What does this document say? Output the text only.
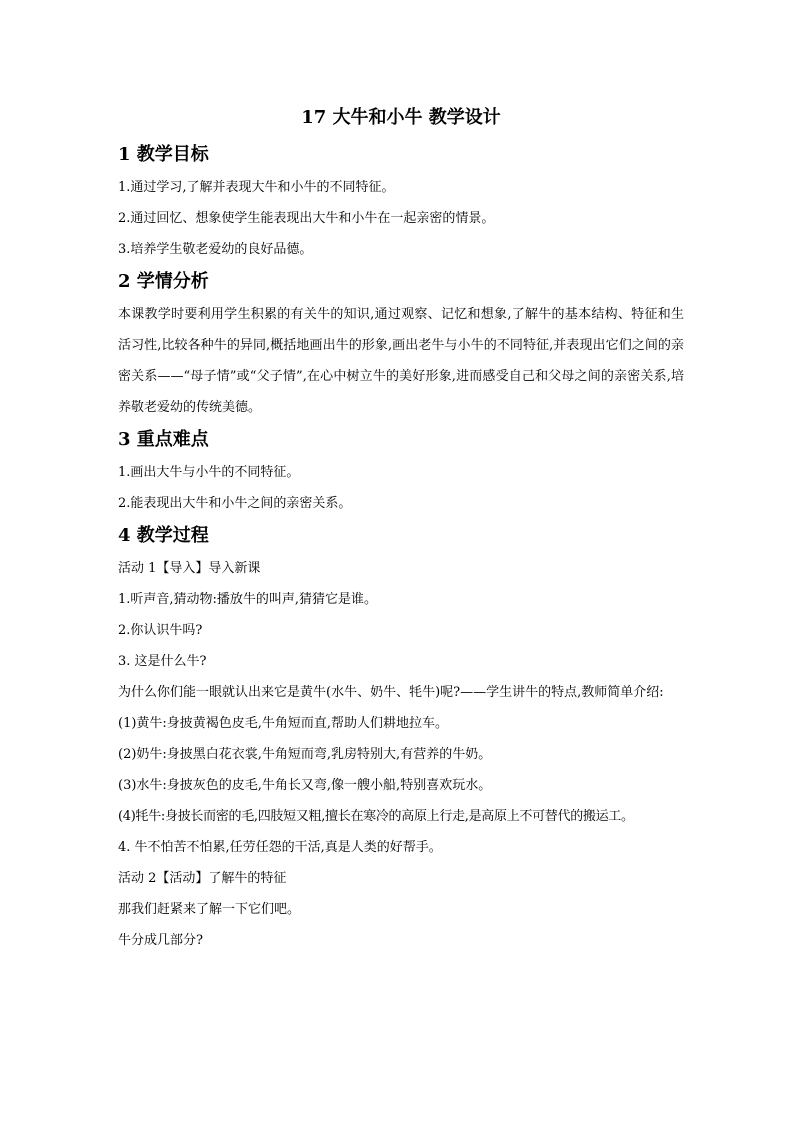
17 大牛和小牛 教学设计
1 教学目标

1.通过学习,了解并表现大牛和小牛的不同特征。

2.通过回忆、想象使学生能表现出大牛和小牛在一起亲密的情景。

3.培养学生敬老爱幼的良好品德。

2 学情分析

本课教学时要利用学生积累的有关牛的知识,通过观察、记忆和想象,了解牛的基本结构、特征和生活习性,比较各种牛的异同,概括地画出牛的形象,画出老牛与小牛的不同特征,并表现出它们之间的亲密关系——“母子情”或“父子情”,在心中树立牛的美好形象,进而感受自己和父母之间的亲密关系,培养敬老爱幼的传统美德。

3 重点难点

1.画出大牛与小牛的不同特征。

2.能表现出大牛和小牛之间的亲密关系。

4 教学过程

活动 1【导入】导入新课

1.听声音,猜动物:播放牛的叫声,猜猜它是谁。

2.你认识牛吗?

3. 这是什么牛?

为什么你们能一眼就认出来它是黄牛(水牛、奶牛、牦牛)呢?——学生讲牛的特点,教师简单介绍:

(1)黄牛:身披黄褐色皮毛,牛角短而直,帮助人们耕地拉车。

(2)奶牛:身披黑白花衣裳,牛角短而弯,乳房特别大,有营养的牛奶。

(3)水牛:身披灰色的皮毛,牛角长又弯,像一艘小船,特别喜欢玩水。

(4)牦牛:身披长而密的毛,四肢短又粗,擅长在寒冷的高原上行走,是高原上不可替代的搬运工。

4. 牛不怕苦不怕累,任劳任怨的干活,真是人类的好帮手。

活动 2【活动】了解牛的特征

那我们赶紧来了解一下它们吧。

牛分成几部分?
